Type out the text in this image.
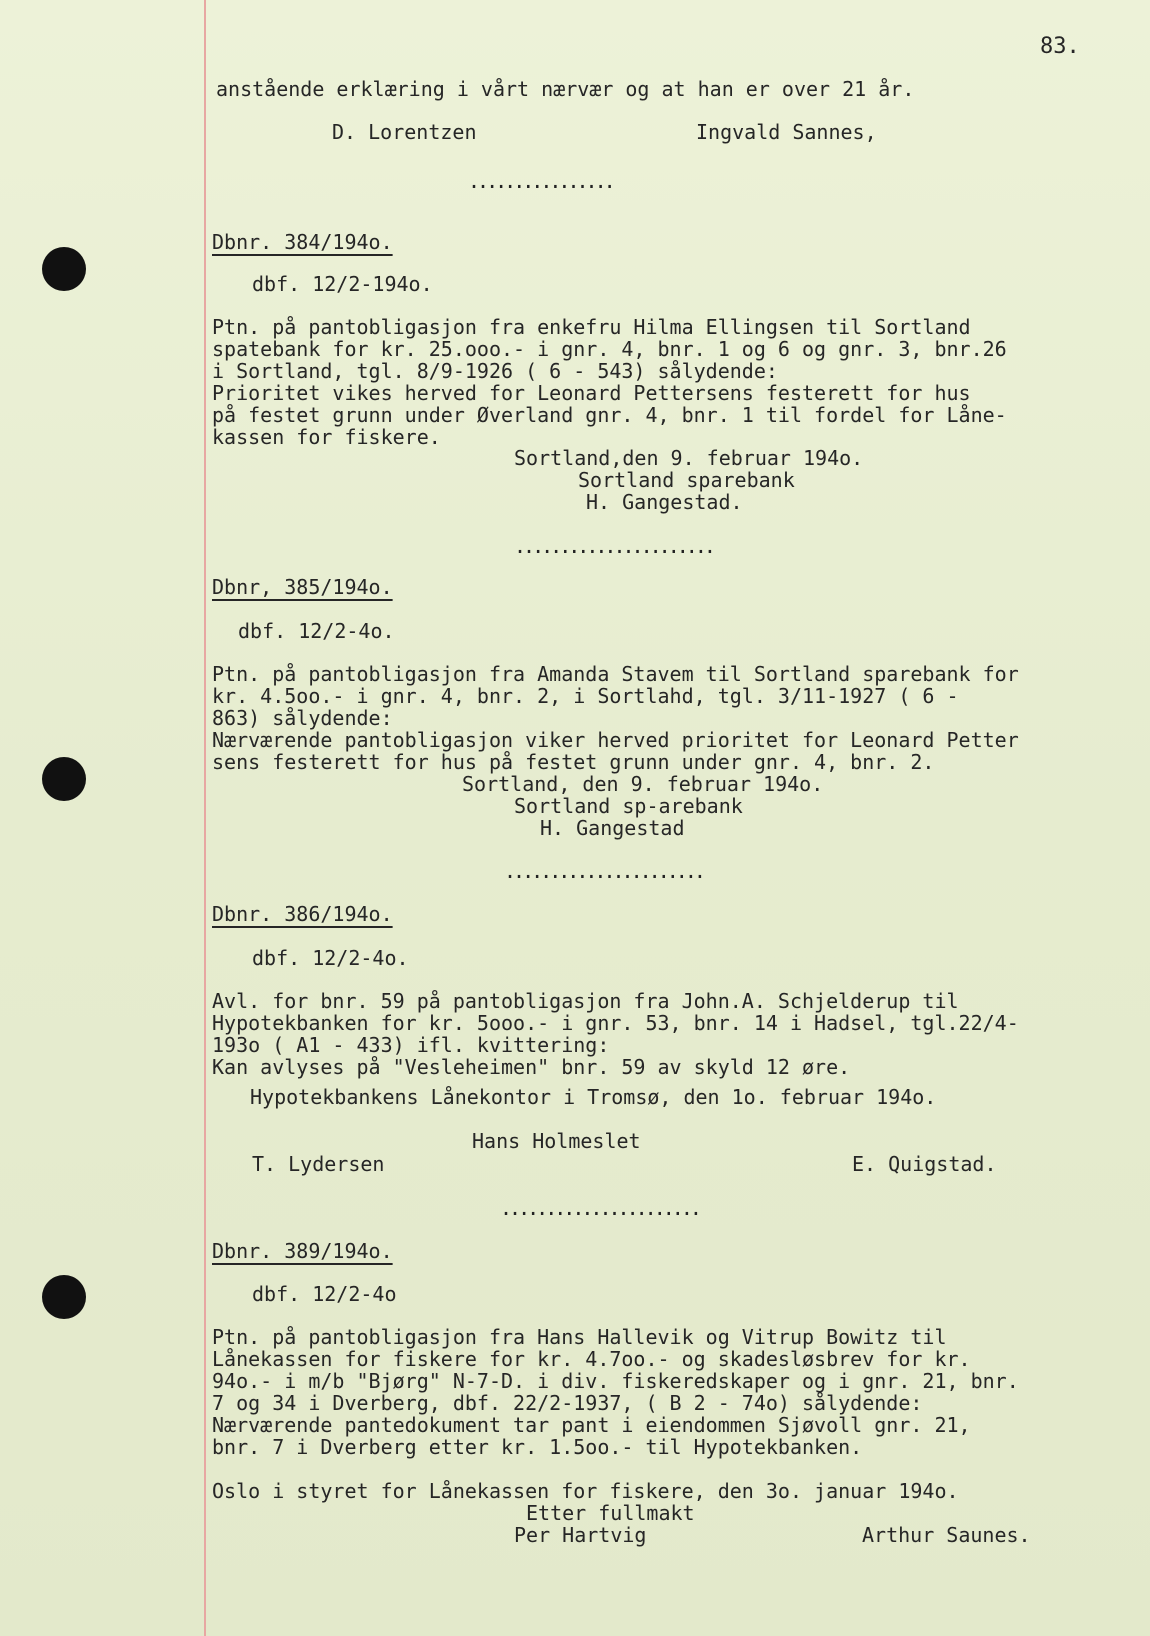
83.

anstående erklæring i vårt nærvær og at han er over 21 år.

D. Lorentzen	Ingvald Sannes,

................

Dbnr. 384/194o.

dbf. 12/2-194o.

Ptn. på pantobligasjon fra enkefru Hilma Ellingsen til Sortland

spatebank for kr. 25.ooo.- i gnr. 4, bnr. 1 og 6 og gnr. 3, bnr.26

i Sortland, tgl. 8/9-1926 ( 6 - 543) sålydende:

Prioritet vikes herved for Leonard Pettersens festerett for hus

på festet grunn under Øverland gnr. 4, bnr. 1 til fordel for Låne-

kassen for fiskere.

Sortland,den 9. februar 194o.

Sortland sparebank

H. Gangestad.

......................

Dbnr, 385/194o.

dbf. 12/2-4o.

Ptn. på pantobligasjon fra Amanda Stavem til Sortland sparebank for

kr. 4.5oo.- i gnr. 4, bnr. 2, i Sortlahd, tgl. 3/11-1927 ( 6 -

863) sålydende:

Nærværende pantobligasjon viker herved prioritet for Leonard Petter

sens festerett for hus på festet grunn under gnr. 4, bnr. 2.

Sortland, den 9. februar 194o.

Sortland sp-arebank

H. Gangestad

......................

Dbnr. 386/194o.

dbf. 12/2-4o.

Avl. for bnr. 59 på pantobligasjon fra John.A. Schjelderup til

Hypotekbanken for kr. 5ooo.- i gnr. 53, bnr. 14 i Hadsel, tgl.22/4-

193o ( A1 - 433) ifl. kvittering:

Kan avlyses på "Vesleheimen" bnr. 59 av skyld 12 øre.

Hypotekbankens Lånekontor i Tromsø, den 1o. februar 194o.

Hans Holmeslet

T. Lydersen	E. Quigstad.

......................

Dbnr. 389/194o.

dbf. 12/2-4o

Ptn. på pantobligasjon fra Hans Hallevik og Vitrup Bowitz til

Lånekassen for fiskere for kr. 4.7oo.- og skadesløsbrev for kr.

94o.- i m/b "Bjørg" N-7-D. i div. fiskeredskaper og i gnr. 21, bnr.

7 og 34 i Dverberg, dbf. 22/2-1937, ( B 2 - 74o) sålydende:

Nærværende pantedokument tar pant i eiendommen Sjøvoll gnr. 21,

bnr. 7 i Dverberg etter kr. 1.5oo.- til Hypotekbanken.

Oslo i styret for Lånekassen for fiskere, den 3o. januar 194o.

Etter fullmakt

Per Hartvig	Arthur Saunes.
